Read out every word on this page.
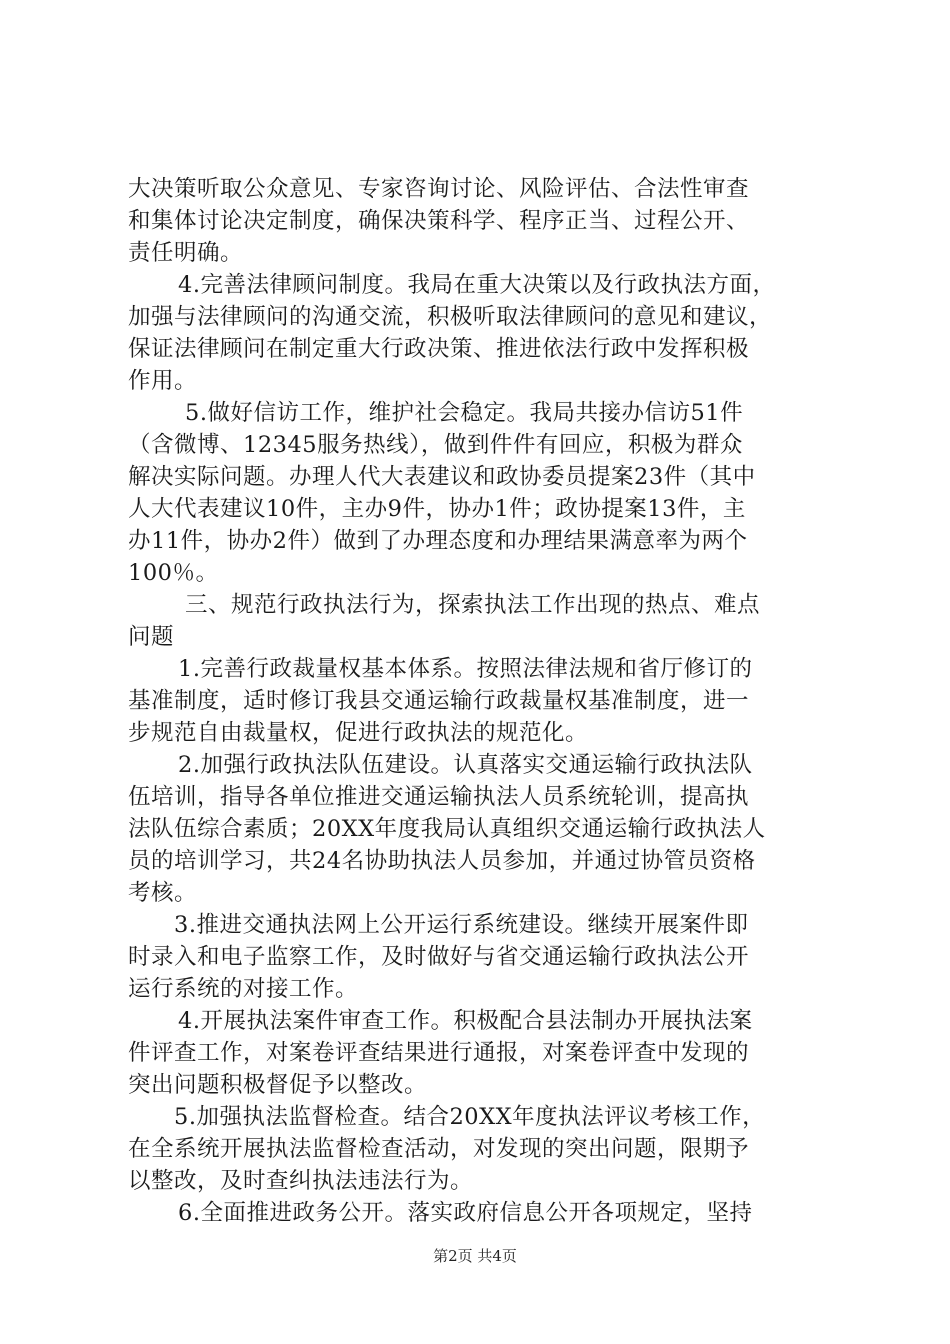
大决策听取公众意见、专家咨询讨论、风险评估、合法性审查
和集体讨论决定制度，确保决策科学、程序正当、过程公开、
责任明确。
4.完善法律顾问制度。我局在重大决策以及行政执法方面，
加强与法律顾问的沟通交流，积极听取法律顾问的意见和建议，
保证法律顾问在制定重大行政决策、推进依法行政中发挥积极
作用。
5.做好信访工作，维护社会稳定。我局共接办信访51件
（含微博、12345服务热线），做到件件有回应，积极为群众
解决实际问题。办理人代大表建议和政协委员提案23件（其中
人大代表建议10件，主办9件，协办1件；政协提案13件，主
办11件，协办2件）做到了办理态度和办理结果满意率为两个
100％。
三、规范行政执法行为，探索执法工作出现的热点、难点
问题
1.完善行政裁量权基本体系。按照法律法规和省厅修订的
基准制度，适时修订我县交通运输行政裁量权基准制度，进一
步规范自由裁量权，促进行政执法的规范化。
2.加强行政执法队伍建设。认真落实交通运输行政执法队
伍培训，指导各单位推进交通运输执法人员系统轮训，提高执
法队伍综合素质；20XX年度我局认真组织交通运输行政执法人
员的培训学习，共24名协助执法人员参加，并通过协管员资格
考核。
3.推进交通执法网上公开运行系统建设。继续开展案件即
时录入和电子监察工作，及时做好与省交通运输行政执法公开
运行系统的对接工作。
4.开展执法案件审查工作。积极配合县法制办开展执法案
件评查工作，对案卷评查结果进行通报，对案卷评查中发现的
突出问题积极督促予以整改。
5.加强执法监督检查。结合20XX年度执法评议考核工作，
在全系统开展执法监督检查活动，对发现的突出问题，限期予
以整改，及时查纠执法违法行为。
6.全面推进政务公开。落实政府信息公开各项规定，坚持
第2页 共4页
